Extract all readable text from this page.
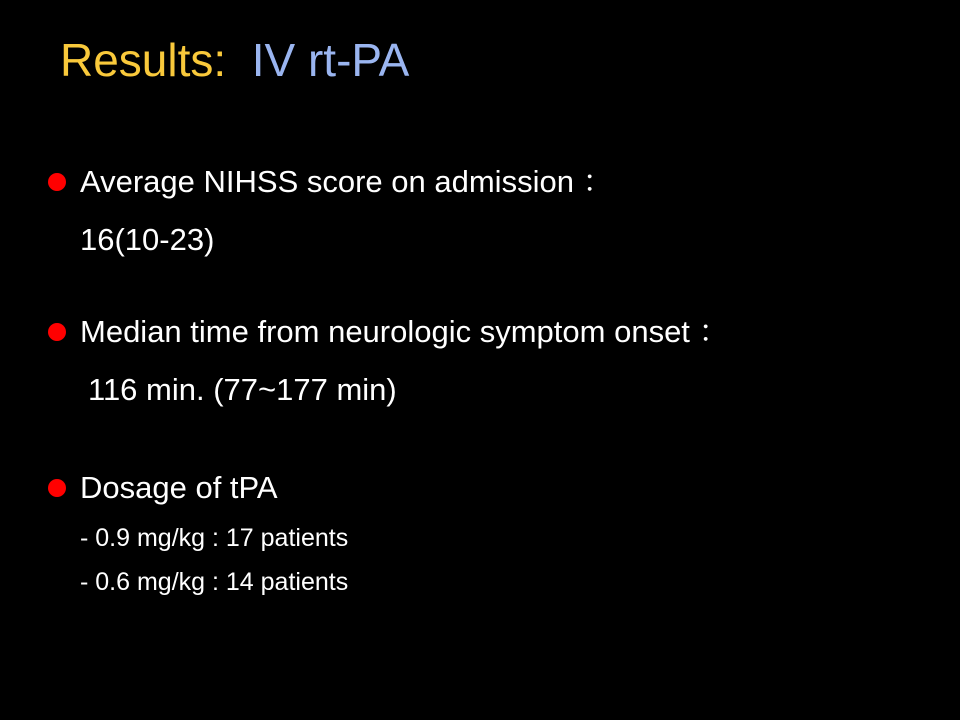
Results: IV rt-PA
Average NIHSS score on admission ：
16(10-23)
Median time from neurologic symptom onset ：
116 min. (77~177 min)
Dosage of tPA
- 0.9 mg/kg : 17 patients
- 0.6 mg/kg : 14 patients
